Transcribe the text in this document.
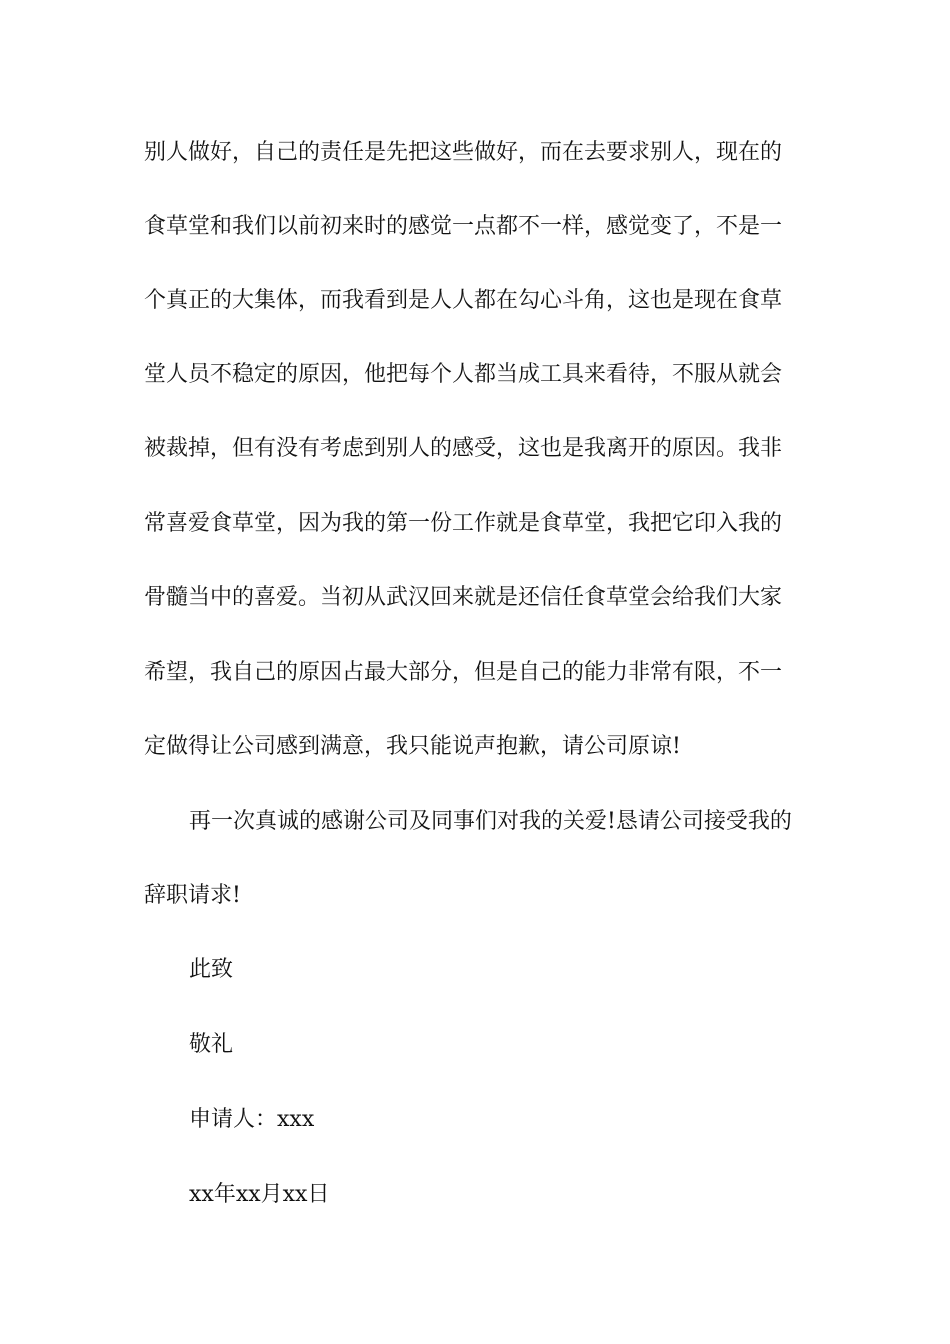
别人做好，自己的责任是先把这些做好，而在去要求别人，现在的
食草堂和我们以前初来时的感觉一点都不一样，感觉变了，不是一
个真正的大集体，而我看到是人人都在勾心斗角，这也是现在食草
堂人员不稳定的原因，他把每个人都当成工具来看待，不服从就会
被裁掉，但有没有考虑到别人的感受，这也是我离开的原因。我非
常喜爱食草堂，因为我的第一份工作就是食草堂，我把它印入我的
骨髓当中的喜爱。当初从武汉回来就是还信任食草堂会给我们大家
希望，我自己的原因占最大部分，但是自己的能力非常有限，不一
定做得让公司感到满意，我只能说声抱歉，请公司原谅!
再一次真诚的感谢公司及同事们对我的关爱!恳请公司接受我的
辞职请求!
此致
敬礼
申请人：xxx
xx年xx月xx日
